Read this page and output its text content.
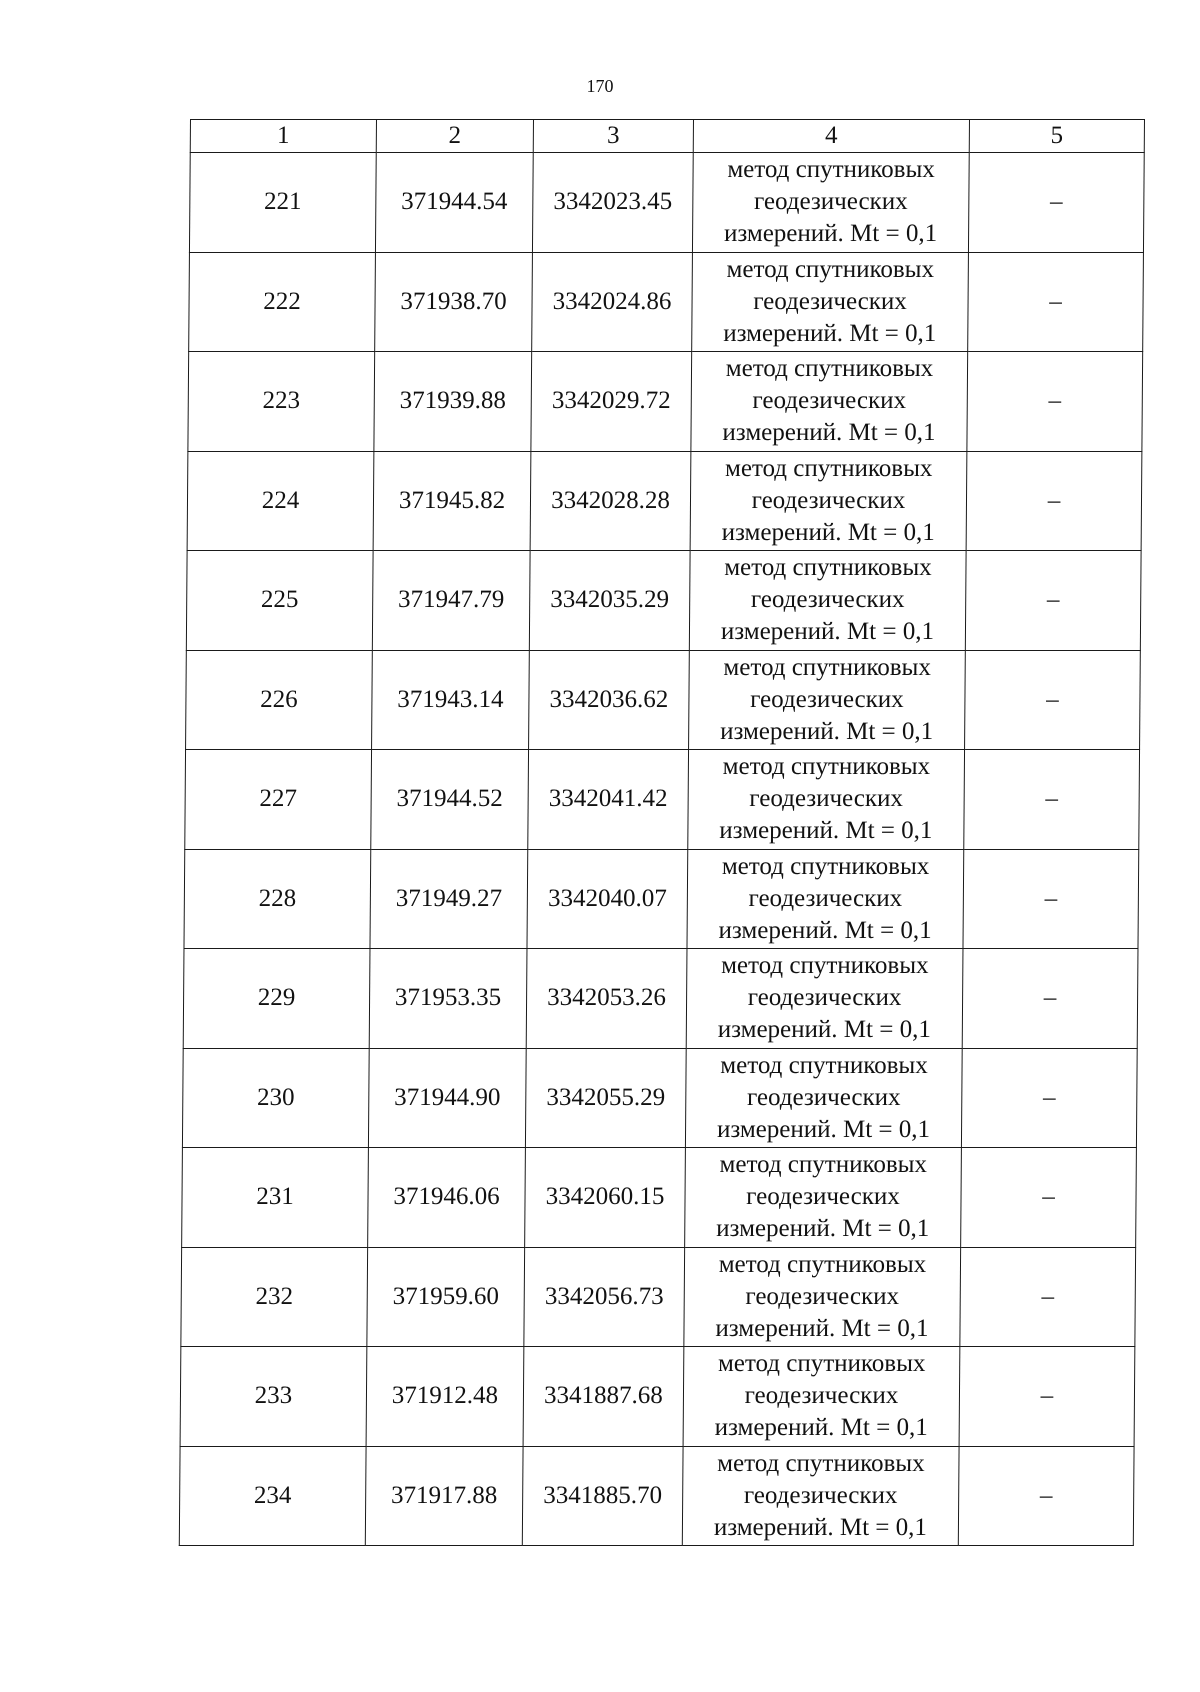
170
1	2	3	4	5
221	371944.54	3342023.45	метод спутниковых
геодезических
измерений. Mt = 0,1	–
222	371938.70	3342024.86	метод спутниковых
геодезических
измерений. Mt = 0,1	–
223	371939.88	3342029.72	метод спутниковых
геодезических
измерений. Mt = 0,1	–
224	371945.82	3342028.28	метод спутниковых
геодезических
измерений. Mt = 0,1	–
225	371947.79	3342035.29	метод спутниковых
геодезических
измерений. Mt = 0,1	–
226	371943.14	3342036.62	метод спутниковых
геодезических
измерений. Mt = 0,1	–
227	371944.52	3342041.42	метод спутниковых
геодезических
измерений. Mt = 0,1	–
228	371949.27	3342040.07	метод спутниковых
геодезических
измерений. Mt = 0,1	–
229	371953.35	3342053.26	метод спутниковых
геодезических
измерений. Mt = 0,1	–
230	371944.90	3342055.29	метод спутниковых
геодезических
измерений. Mt = 0,1	–
231	371946.06	3342060.15	метод спутниковых
геодезических
измерений. Mt = 0,1	–
232	371959.60	3342056.73	метод спутниковых
геодезических
измерений. Mt = 0,1	–
233	371912.48	3341887.68	метод спутниковых
геодезических
измерений. Mt = 0,1	–
234	371917.88	3341885.70	метод спутниковых
геодезических
измерений. Mt = 0,1	–
